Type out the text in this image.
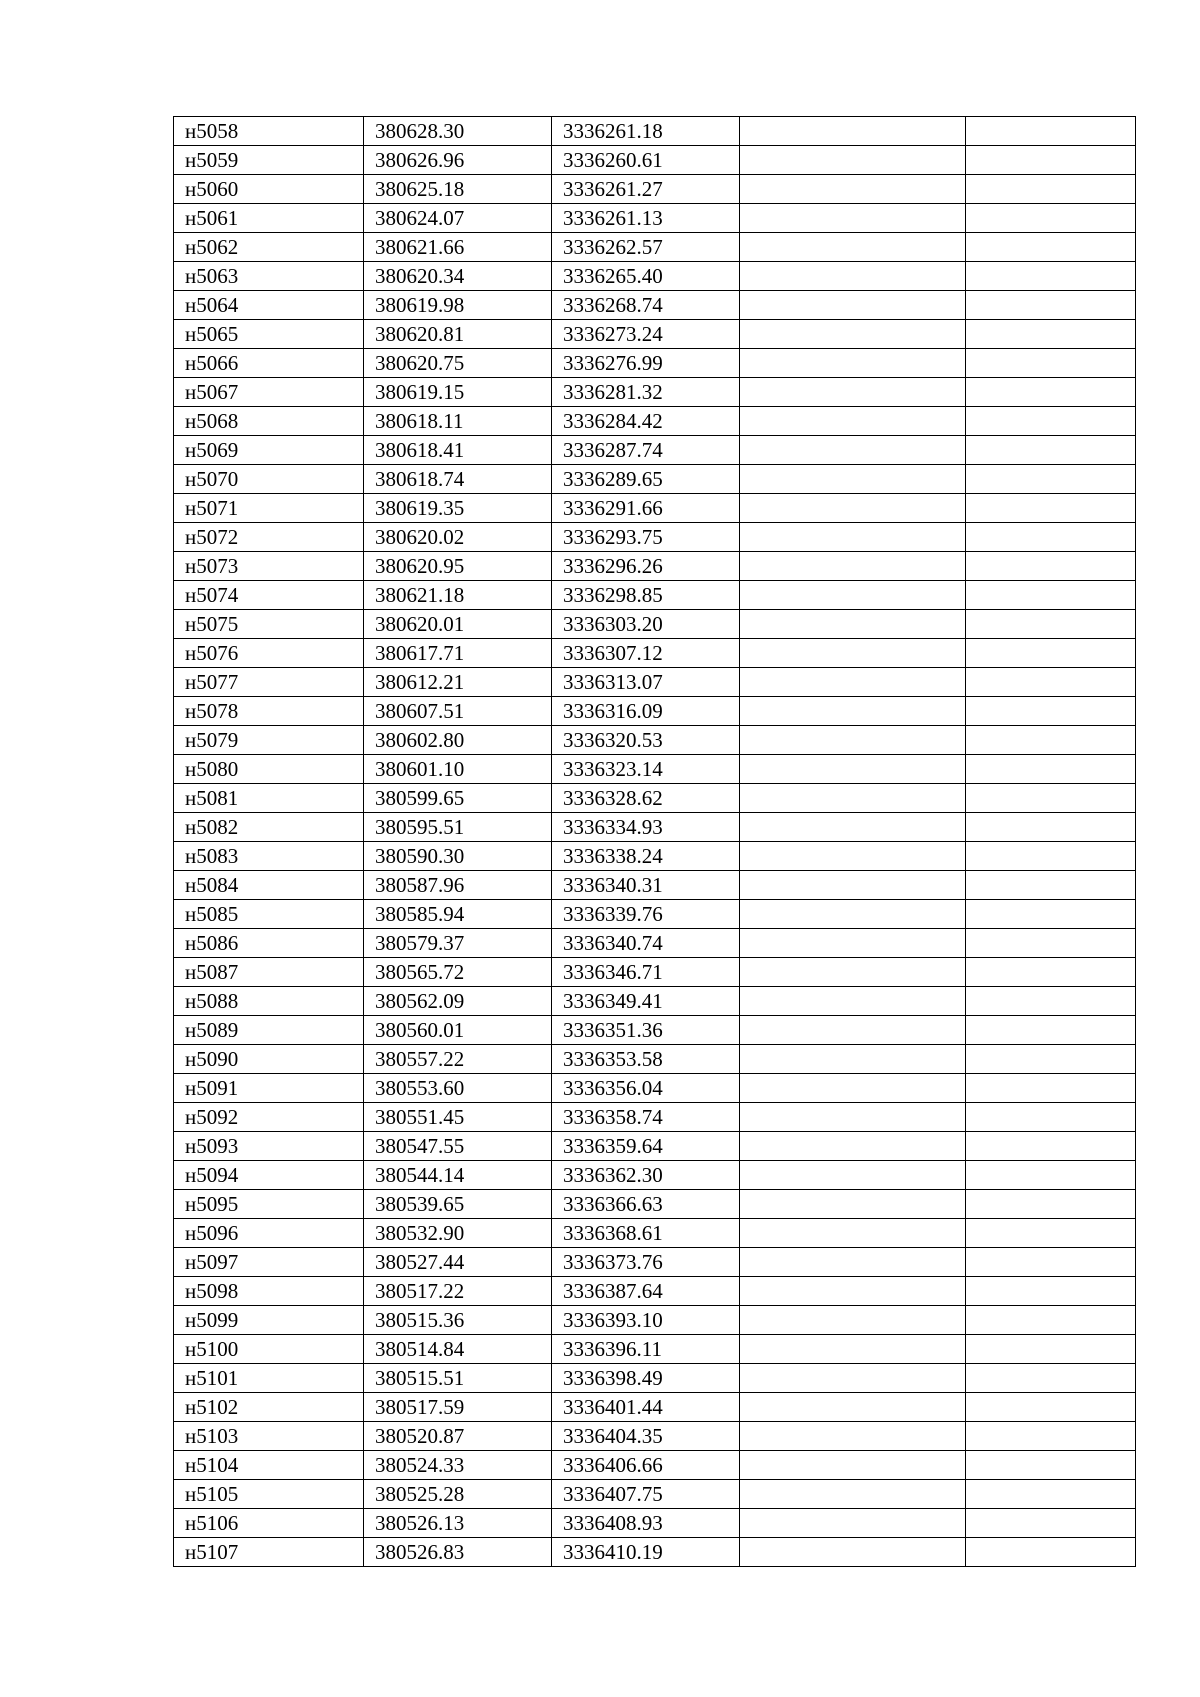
н5058	380628.30	3336261.18		
н5059	380626.96	3336260.61		
н5060	380625.18	3336261.27		
н5061	380624.07	3336261.13		
н5062	380621.66	3336262.57		
н5063	380620.34	3336265.40		
н5064	380619.98	3336268.74		
н5065	380620.81	3336273.24		
н5066	380620.75	3336276.99		
н5067	380619.15	3336281.32		
н5068	380618.11	3336284.42		
н5069	380618.41	3336287.74		
н5070	380618.74	3336289.65		
н5071	380619.35	3336291.66		
н5072	380620.02	3336293.75		
н5073	380620.95	3336296.26		
н5074	380621.18	3336298.85		
н5075	380620.01	3336303.20		
н5076	380617.71	3336307.12		
н5077	380612.21	3336313.07		
н5078	380607.51	3336316.09		
н5079	380602.80	3336320.53		
н5080	380601.10	3336323.14		
н5081	380599.65	3336328.62		
н5082	380595.51	3336334.93		
н5083	380590.30	3336338.24		
н5084	380587.96	3336340.31		
н5085	380585.94	3336339.76		
н5086	380579.37	3336340.74		
н5087	380565.72	3336346.71		
н5088	380562.09	3336349.41		
н5089	380560.01	3336351.36		
н5090	380557.22	3336353.58		
н5091	380553.60	3336356.04		
н5092	380551.45	3336358.74		
н5093	380547.55	3336359.64		
н5094	380544.14	3336362.30		
н5095	380539.65	3336366.63		
н5096	380532.90	3336368.61		
н5097	380527.44	3336373.76		
н5098	380517.22	3336387.64		
н5099	380515.36	3336393.10		
н5100	380514.84	3336396.11		
н5101	380515.51	3336398.49		
н5102	380517.59	3336401.44		
н5103	380520.87	3336404.35		
н5104	380524.33	3336406.66		
н5105	380525.28	3336407.75		
н5106	380526.13	3336408.93		
н5107	380526.83	3336410.19		
